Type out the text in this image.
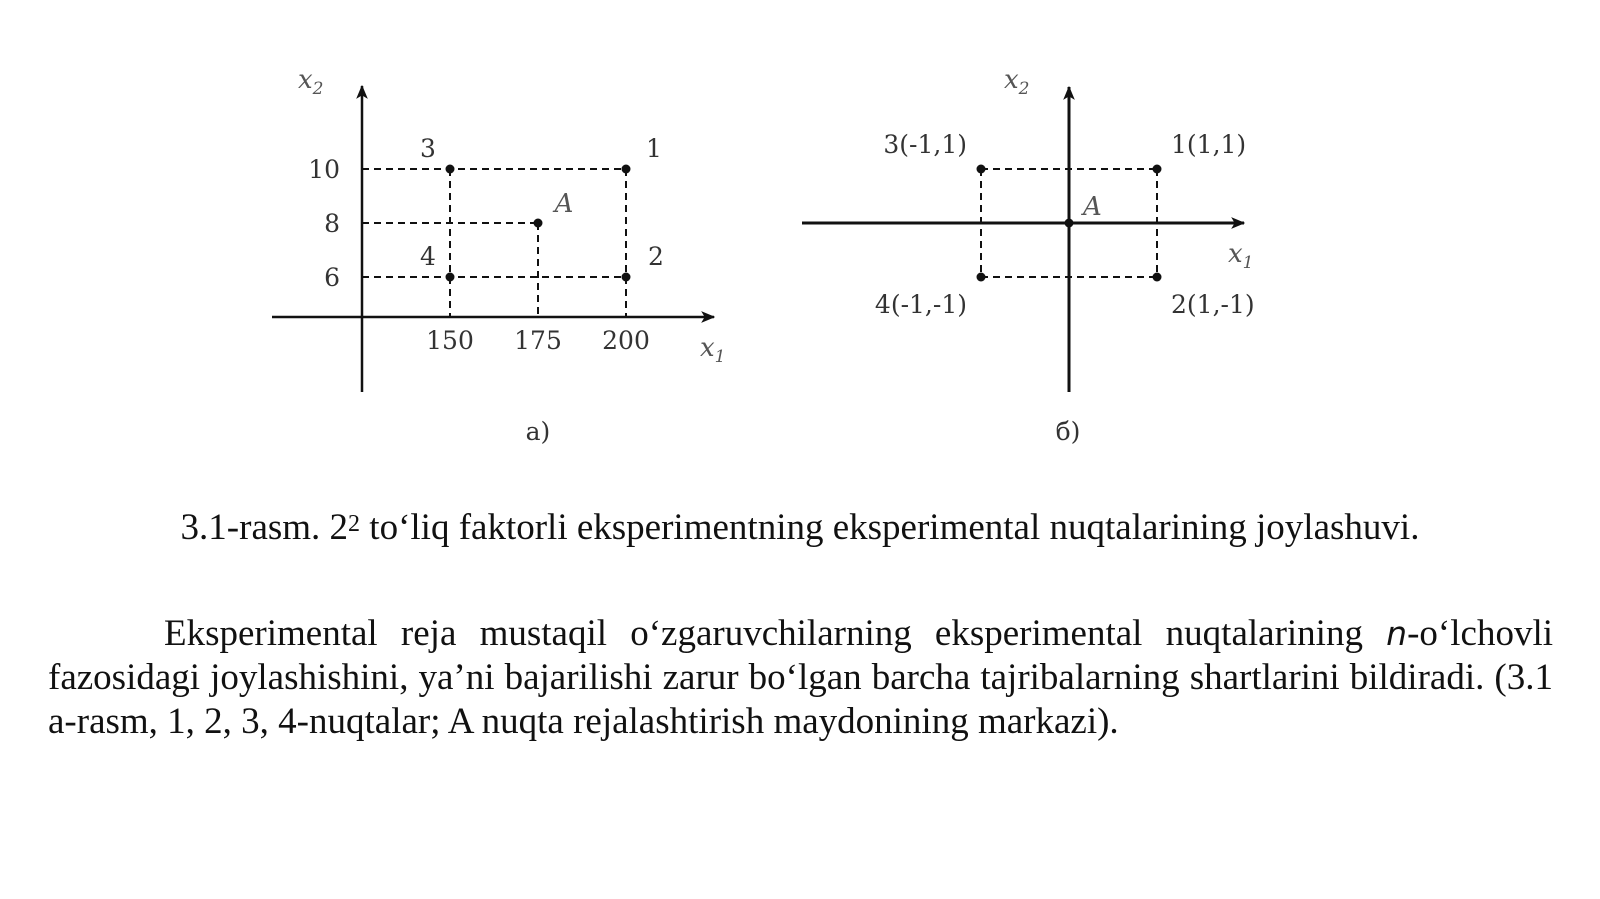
$x_2$
$x_1$
150 175 200
10
8
6
1
2
3
4
A
a)
$x_2$
$x_1$
1(1,1)
2(1,-1)
3(-1,1)
4(-1,-1)
A
б)
3.1-rasm. $2^2$ to‘liq faktorli eksperimentning eksperimental nuqtalarining joylashuvi.
Eksperimental reja mustaqil o‘zgaruvchilarning eksperimental nuqtalarining n-o‘lchovli fazosidagi joylashishini, ya’ni bajarilishi zarur bo‘lgan barcha tajribalarning shartlarini bildiradi. (3.1 a-rasm, 1, 2, 3, 4-nuqtalar; A nuqta rejalashtirish maydonining markazi).
